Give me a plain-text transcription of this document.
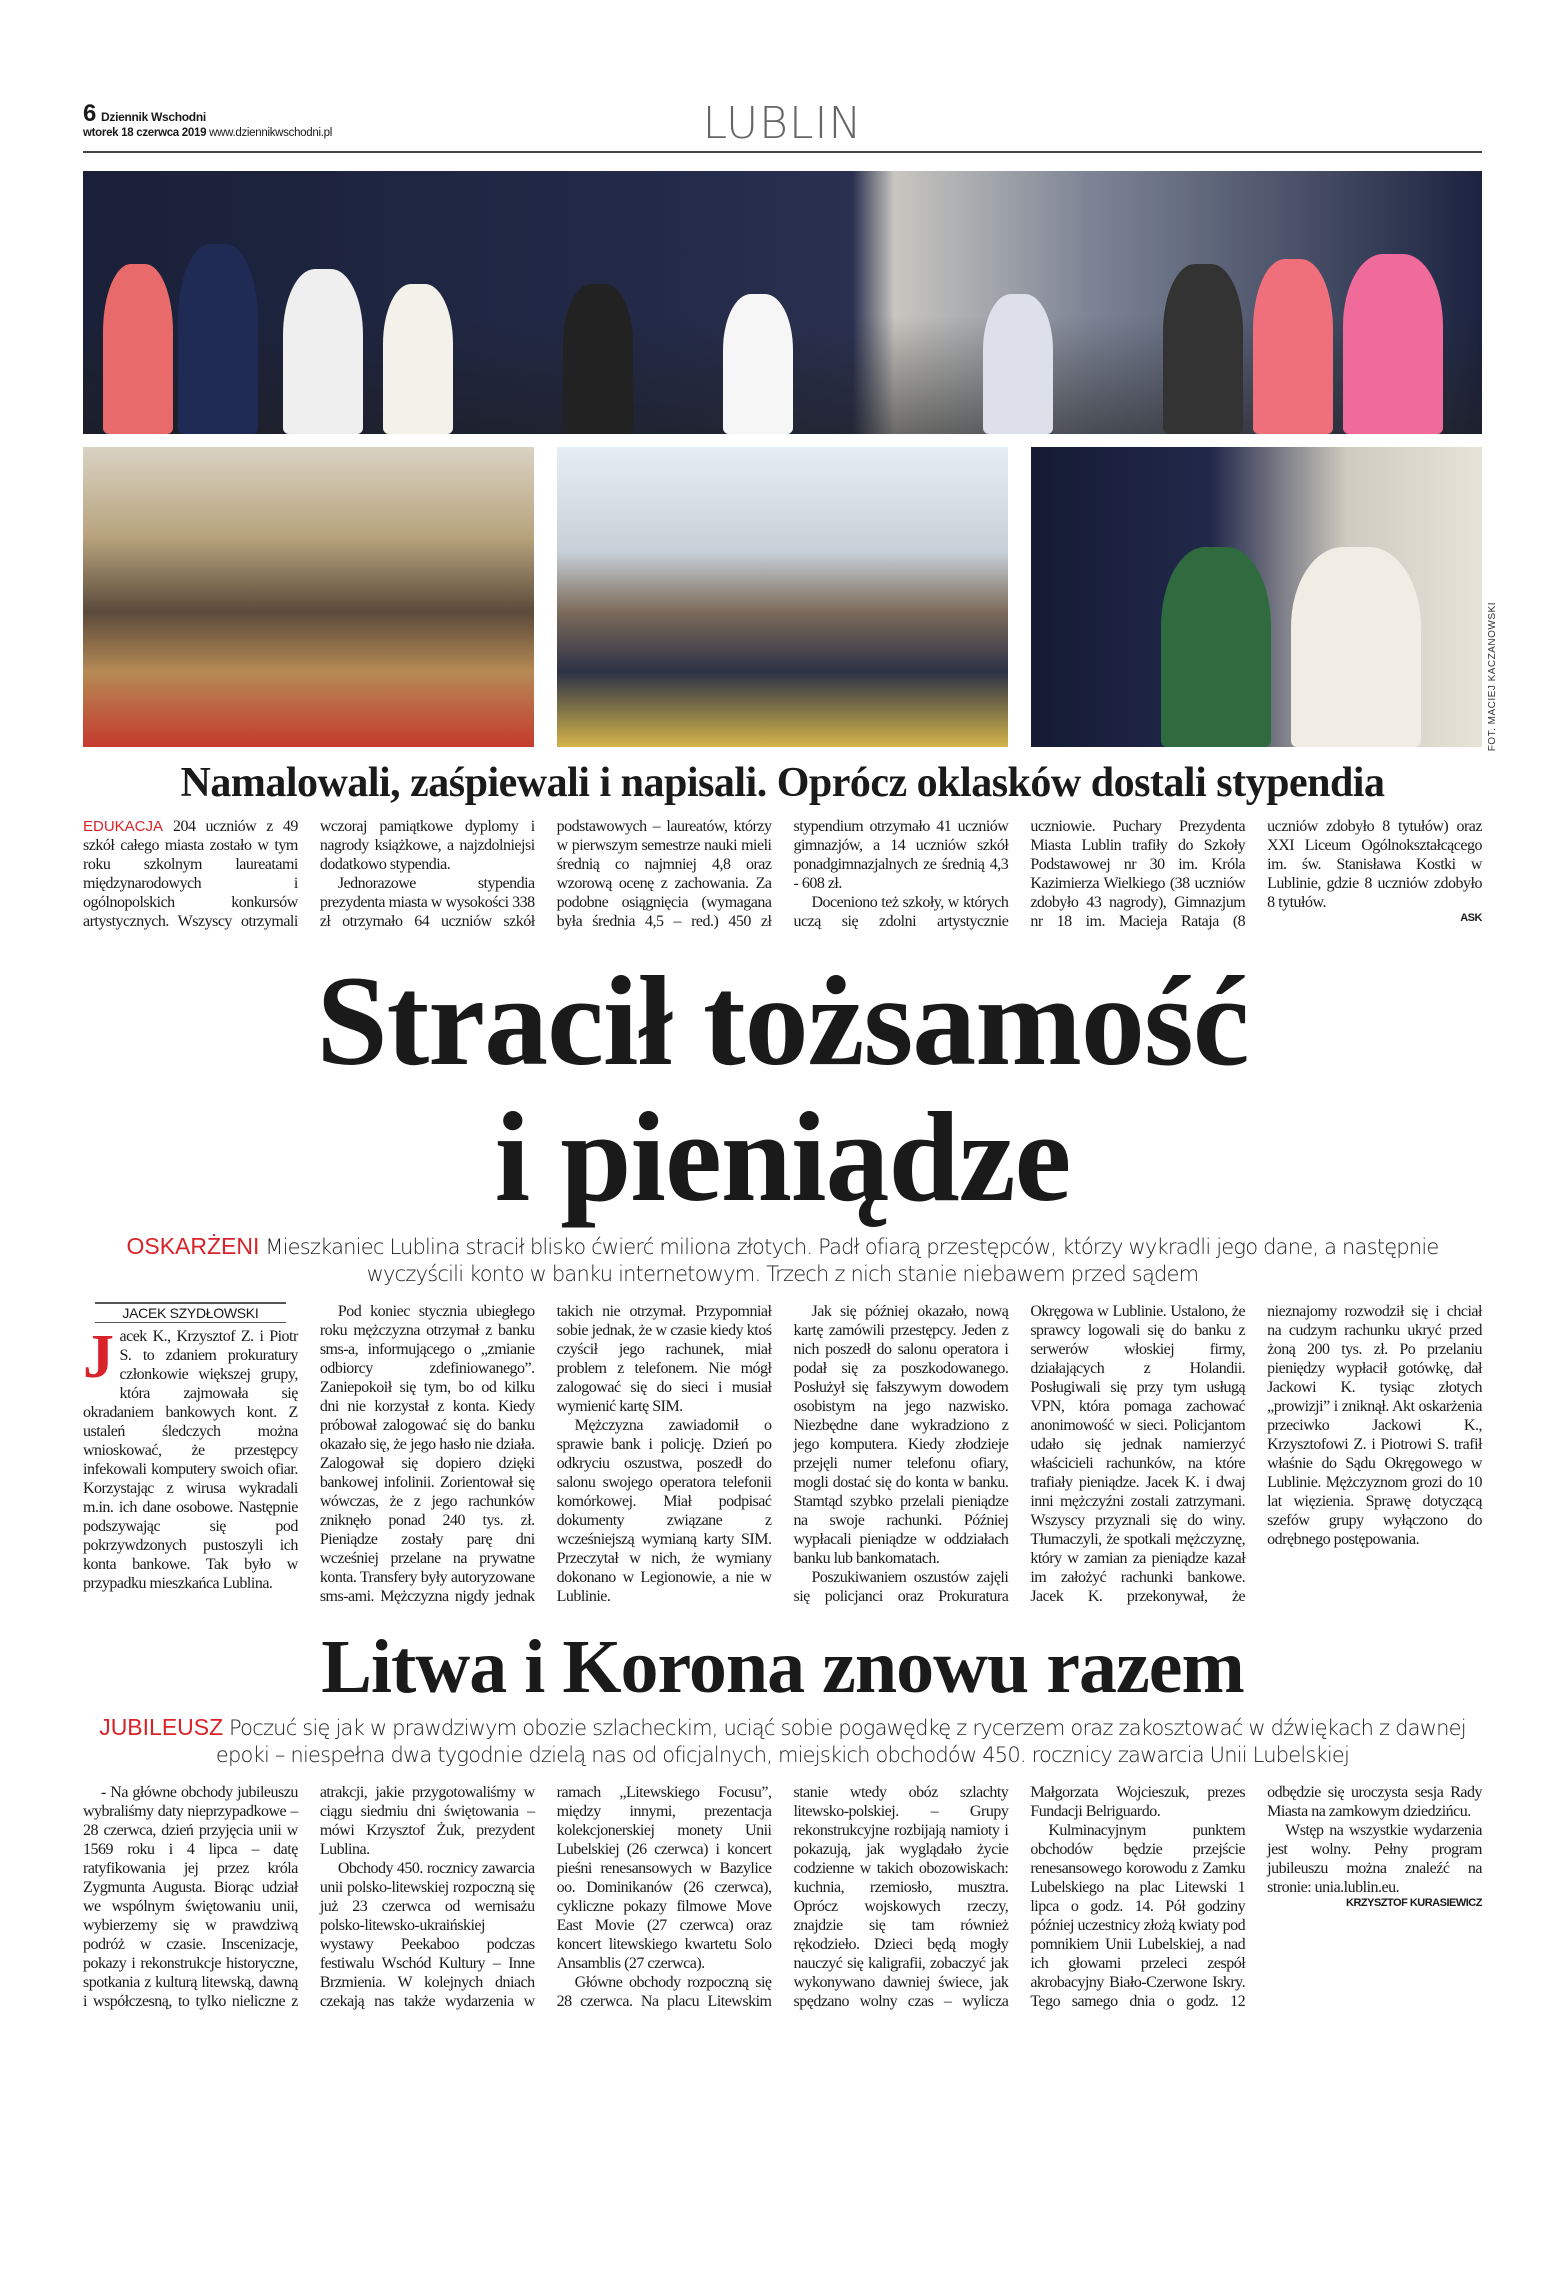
6 Dziennik Wschodni
wtorek 18 czerwca 2019 www.dziennikwschodni.pl	LUBLIN
FOT. MACIEJ KACZANOWSKI
Namalowali, zaśpiewali i napisali. Oprócz oklasków dostali stypendia

EDUKACJA 204 uczniów z 49 szkół całego miasta zostało w tym roku szkolnym laureatami międzynarodowych i ogólnopolskich konkursów artystycznych. Wszyscy otrzymali wczoraj pamiątkowe dyplomy i nagrody książkowe, a najzdolniejsi dodatkowo stypendia.

Jednorazowe stypendia prezydenta miasta w wysokości 338 zł otrzymało 64 uczniów szkół podstawowych – laureatów, którzy w pierwszym semestrze nauki mieli średnią co najmniej 4,8 oraz wzorową ocenę z zachowania. Za podobne osiągnięcia (wymagana była średnia 4,5 – red.) 450 zł stypendium otrzymało 41 uczniów gimnazjów, a 14 uczniów szkół ponadgimnazjalnych ze średnią 4,3 - 608 zł.

Doceniono też szkoły, w których uczą się zdolni artystycznie uczniowie. Puchary Prezydenta Miasta Lublin trafiły do Szkoły Podstawowej nr 30 im. Króla Kazimierza Wielkiego (38 uczniów zdobyło 43 nagrody), Gimnazjum nr 18 im. Macieja Rataja (8 uczniów zdobyło 8 tytułów) oraz XXI Liceum Ogólnokształcącego im. św. Stanisława Kostki w Lublinie, gdzie 8 uczniów zdobyło 8 tytułów.

ASK
Stracił tożsamość
i pieniądze
OSKARŻENI Mieszkaniec Lublina stracił blisko ćwierć miliona złotych. Padł ofiarą przestępców, którzy wykradli jego dane, a następnie wyczyścili konto w banku internetowym. Trzech z nich stanie niebawem przed sądem
JACEK SZYDŁOWSKI

Jacek K., Krzysztof Z. i Piotr S. to zdaniem prokuratury członkowie większej grupy, która zajmowała się okradaniem bankowych kont. Z ustaleń śledczych można wnioskować, że przestępcy infekowali komputery swoich ofiar. Korzystając z wirusa wykradali m.in. ich dane osobowe. Następnie podszywając się pod pokrzywdzonych pustoszyli ich konta bankowe. Tak było w przypadku mieszkańca Lublina.

Pod koniec stycznia ubiegłego roku mężczyzna otrzymał z banku sms-a, informującego o „zmianie odbiorcy zdefiniowanego”. Zaniepokoił się tym, bo od kilku dni nie korzystał z konta. Kiedy próbował zalogować się do banku okazało się, że jego hasło nie działa. Zalogował się dopiero dzięki bankowej infolinii. Zorientował się wówczas, że z jego rachunków zniknęło ponad 240 tys. zł. Pieniądze zostały parę dni wcześniej przelane na prywatne konta. Transfery były autoryzowane sms-ami. Mężczyzna nigdy jednak takich nie otrzymał. Przypomniał sobie jednak, że w czasie kiedy ktoś czyścił jego rachunek, miał problem z telefonem. Nie mógł zalogować się do sieci i musiał wymienić kartę SIM.

Mężczyzna zawiadomił o sprawie bank i policję. Dzień po odkryciu oszustwa, poszedł do salonu swojego operatora telefonii komórkowej. Miał podpisać dokumenty związane z wcześniejszą wymianą karty SIM. Przeczytał w nich, że wymiany dokonano w Legionowie, a nie w Lublinie.

Jak się później okazało, nową kartę zamówili przestępcy. Jeden z nich poszedł do salonu operatora i podał się za poszkodowanego. Posłużył się fałszywym dowodem osobistym na jego nazwisko. Niezbędne dane wykradziono z jego komputera. Kiedy złodzieje przejęli numer telefonu ofiary, mogli dostać się do konta w banku. Stamtąd szybko przelali pieniądze na swoje rachunki. Później wypłacali pieniądze w oddziałach banku lub bankomatach.

Poszukiwaniem oszustów zajęli się policjanci oraz Prokuratura Okręgowa w Lublinie. Ustalono, że sprawcy logowali się do banku z serwerów włoskiej firmy, działających z Holandii. Posługiwali się przy tym usługą VPN, która pomaga zachować anonimowość w sieci. Policjantom udało się jednak namierzyć właścicieli rachunków, na które trafiały pieniądze. Jacek K. i dwaj inni mężczyźni zostali zatrzymani. Wszyscy przyznali się do winy. Tłumaczyli, że spotkali mężczyznę, który w zamian za pieniądze kazał im założyć rachunki bankowe. Jacek K. przekonywał, że nieznajomy rozwodził się i chciał na cudzym rachunku ukryć przed żoną 200 tys. zł. Po przelaniu pieniędzy wypłacił gotówkę, dał Jackowi K. tysiąc złotych „prowizji” i zniknął. Akt oskarżenia przeciwko Jackowi K., Krzysztofowi Z. i Piotrowi S. trafił właśnie do Sądu Okręgowego w Lublinie. Mężczyznom grozi do 10 lat więzienia. Sprawę dotyczącą szefów grupy wyłączono do odrębnego postępowania.

Litwa i Korona znowu razem
JUBILEUSZ Poczuć się jak w prawdziwym obozie szlacheckim, uciąć sobie pogawędkę z rycerzem oraz zakosztować w dźwiękach z dawnej epoki – niespełna dwa tygodnie dzielą nas od oficjalnych, miejskich obchodów 450. rocznicy zawarcia Unii Lubelskiej

- Na główne obchody jubileuszu wybraliśmy daty nieprzypadkowe – 28 czerwca, dzień przyjęcia unii w 1569 roku i 4 lipca – datę ratyfikowania jej przez króla Zygmunta Augusta. Biorąc udział we wspólnym świętowaniu unii, wybierzemy się w prawdziwą podróż w czasie. Inscenizacje, pokazy i rekonstrukcje historyczne, spotkania z kulturą litewską, dawną i współczesną, to tylko nieliczne z atrakcji, jakie przygotowaliśmy w ciągu siedmiu dni świętowania – mówi Krzysztof Żuk, prezydent Lublina.

Obchody 450. rocznicy zawarcia unii polsko-litewskiej rozpoczną się już 23 czerwca od wernisażu polsko-litewsko-ukraińskiej wystawy Peekaboo podczas festiwalu Wschód Kultury – Inne Brzmienia. W kolejnych dniach czekają nas także wydarzenia w ramach „Litewskiego Focusu”, między innymi, prezentacja kolekcjonerskiej monety Unii Lubelskiej (26 czerwca) i koncert pieśni renesansowych w Bazylice oo. Dominikanów (26 czerwca), cykliczne pokazy filmowe Move East Movie (27 czerwca) oraz koncert litewskiego kwartetu Solo Ansamblis (27 czerwca).

Główne obchody rozpoczną się 28 czerwca. Na placu Litewskim stanie wtedy obóz szlachty litewsko-polskiej. – Grupy rekonstrukcyjne rozbijają namioty i pokazują, jak wyglądało życie codzienne w takich obozowiskach: kuchnia, rzemiosło, musztra. Oprócz wojskowych rzeczy, znajdzie się tam również rękodzieło. Dzieci będą mogły nauczyć się kaligrafii, zobaczyć jak wykonywano dawniej świece, jak spędzano wolny czas – wylicza Małgorzata Wojcieszuk, prezes Fundacji Belriguardo.

Kulminacyjnym punktem obchodów będzie przejście renesansowego korowodu z Zamku Lubelskiego na plac Litewski 1 lipca o godz. 14. Pół godziny później uczestnicy złożą kwiaty pod pomnikiem Unii Lubelskiej, a nad ich głowami przeleci zespół akrobacyjny Biało-Czerwone Iskry. Tego samego dnia o godz. 12 odbędzie się uroczysta sesja Rady Miasta na zamkowym dziedzińcu.

Wstęp na wszystkie wydarzenia jest wolny. Pełny program jubileuszu można znaleźć na stronie: unia.lublin.eu.

KRZYSZTOF KURASIEWICZ
